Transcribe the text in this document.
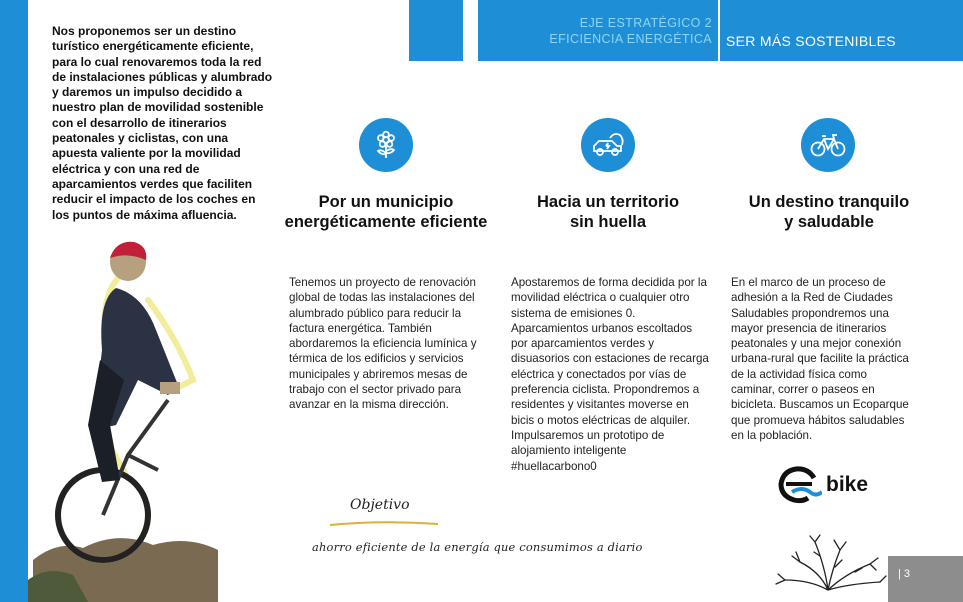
Nos proponemos ser un destino turístico energéticamente eficiente, para lo cual renovaremos toda la red de instalaciones públicas y alumbrado y daremos un impulso decidido a nuestro plan de movilidad sostenible con el desarrollo de itinerarios peatonales y ciclistas, con una apuesta valiente por la movilidad eléctrica y con una red de aparcamientos verdes que faciliten reducir el impacto de los coches en los puntos de máxima afluencia.

EJE ESTRATÉGICO 2
EFICIENCIA ENERGÉTICA SER MÁS SOSTENIBLES
Por un municipio
energéticamente eficiente

Tenemos un proyecto de renovación global de todas las instalaciones del alumbrado público para reducir la factura energética. También abordaremos la eficiencia lumínica y térmica de los edificios y servicios municipales y abriremos mesas de trabajo con el sector privado para avanzar en la misma dirección.

Hacia un territorio
sin huella

Apostaremos de forma decidida por la movilidad eléctrica o cualquier otro sistema de emisiones 0. Aparcamientos urbanos escoltados por aparcamientos verdes y disuasorios con estaciones de recarga eléctrica y conectados por vías de preferencia ciclista. Propondremos a residentes y visitantes moverse en bicis o motos eléctricas de alquiler. Impulsaremos un prototipo de alojamiento inteligente #huellacarbono0

Un destino tranquilo
y saludable

En el marco de un proceso de adhesión a la Red de Ciudades Saludables propondremos una mayor presencia de itinerarios peatonales y una mejor conexión urbana-rural que facilite la práctica de la actividad física como caminar, correr o paseos en bicicleta. Buscamos un Ecoparque que promueva hábitos saludables en la población.

Objetivo
ahorro eficiente de la energía que consumimos a diario
bike
| 3
